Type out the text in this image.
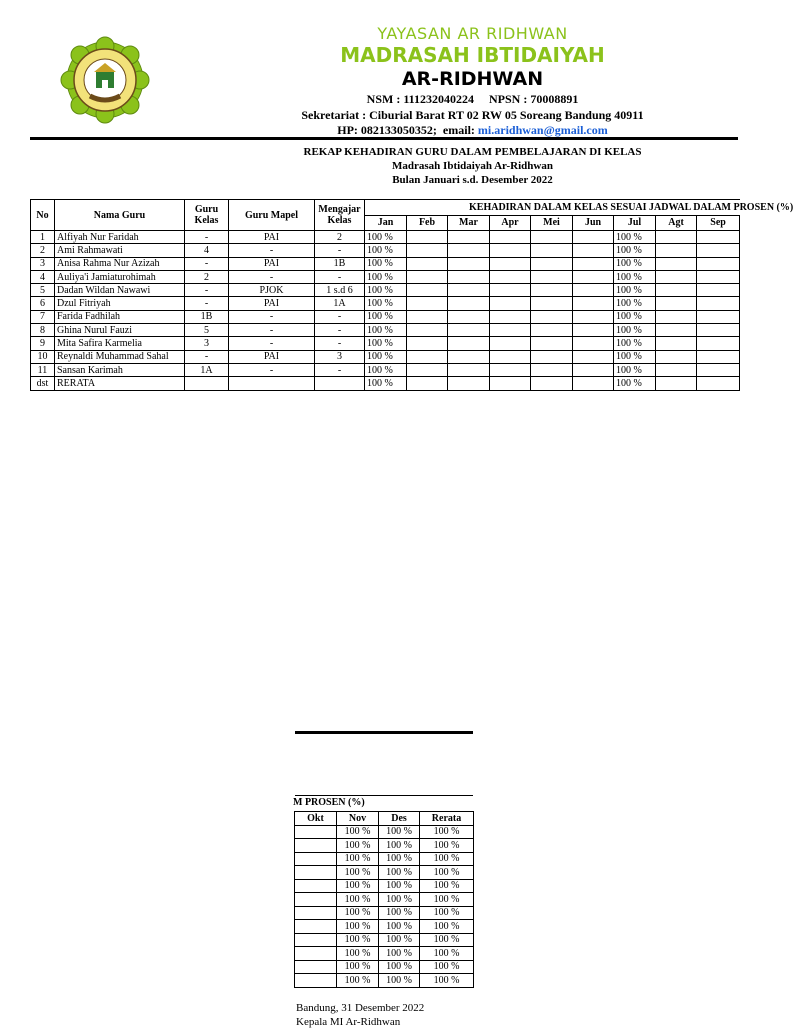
YAYASAN AR RIDHWAN
MADRASAH IBTIDAIYAH
AR-RIDHWAN
NSM : 111232040224     NPSN : 70008891
Sekretariat : Ciburial Barat RT 02 RW 05 Soreang Bandung 40911
HP: 082133050352;  email: mi.aridhwan@gmail.com
REKAP KEHADIRAN GURU DALAM PEMBELAJARAN DI KELAS
Madrasah Ibtidaiyah Ar-Ridhwan
Bulan Januari s.d. Desember 2022
No	Nama Guru	Guru Kelas	Guru Mapel	Mengajar Kelas	KEHADIRAN DALAM KELAS SESUAI JADWAL DALAM PROSEN (%)								
					Jan	Feb	Mar	Apr	Mei	Jun	Jul	Agt	Sep
1	Alfiyah Nur Faridah	-	PAI	2	100 %						100 %		
2	Ami Rahmawati	4	-	-	100 %						100 %		
3	Anisa Rahma Nur Azizah	-	PAI	1B	100 %						100 %		
4	Auliya'i Jamiaturohimah	2	-	-	100 %						100 %		
5	Dadan Wildan Nawawi	-	PJOK	1 s.d 6	100 %						100 %		
6	Dzul Fitriyah	-	PAI	1A	100 %						100 %		
7	Farida Fadhilah	1B	-	-	100 %						100 %		
8	Ghina Nurul Fauzi	5	-	-	100 %						100 %		
9	Mita Safira Karmelia	3	-	-	100 %						100 %		
10	Reynaldi Muhammad Sahal	-	PAI	3	100 %						100 %		
11	Sansan Karimah	1A	-	-	100 %						100 %		
dst	RERATA				100 %						100 %		
M PROSEN (%)
Okt	Nov	Des	Rerata
	100 %	100 %	100 %
	100 %	100 %	100 %
	100 %	100 %	100 %
	100 %	100 %	100 %
	100 %	100 %	100 %
	100 %	100 %	100 %
	100 %	100 %	100 %
	100 %	100 %	100 %
	100 %	100 %	100 %
	100 %	100 %	100 %
	100 %	100 %	100 %
	100 %	100 %	100 %
Bandung, 31 Desember 2022
Kepala MI Ar-Ridhwan
